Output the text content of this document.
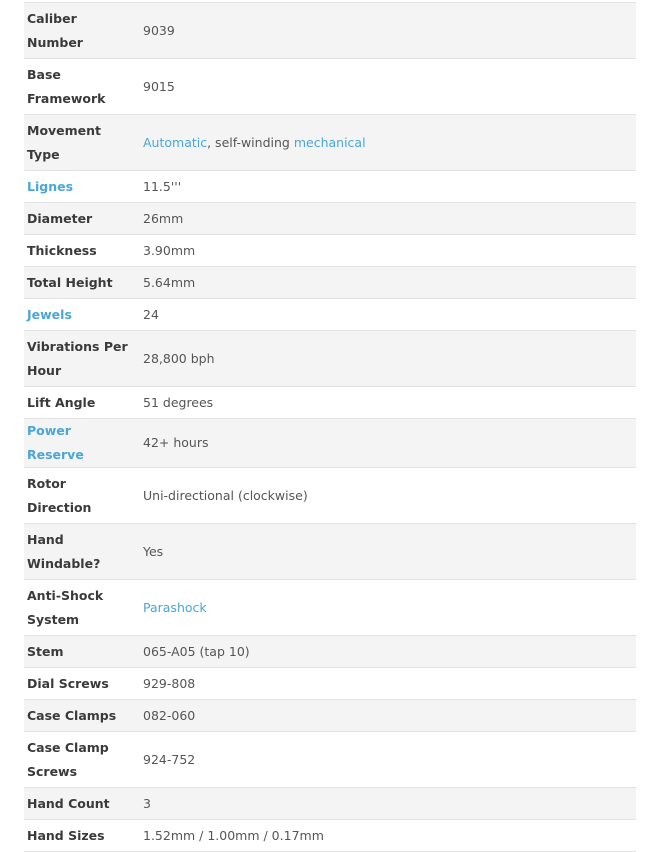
Caliber Number	9039
Base Framework	9015
Movement Type	Automatic, self-winding mechanical
Lignes	11.5'''
Diameter	26mm
Thickness	3.90mm
Total Height	5.64mm
Jewels	24
Vibrations Per Hour	28,800 bph
Lift Angle	51 degrees
Power Reserve	42+ hours
Rotor Direction	Uni-directional (clockwise)
Hand Windable?	Yes
Anti-Shock System	Parashock
Stem	065-A05 (tap 10)
Dial Screws	929-808
Case Clamps	082-060
Case Clamp Screws	924-752
Hand Count	3
Hand Sizes	1.52mm / 1.00mm / 0.17mm
